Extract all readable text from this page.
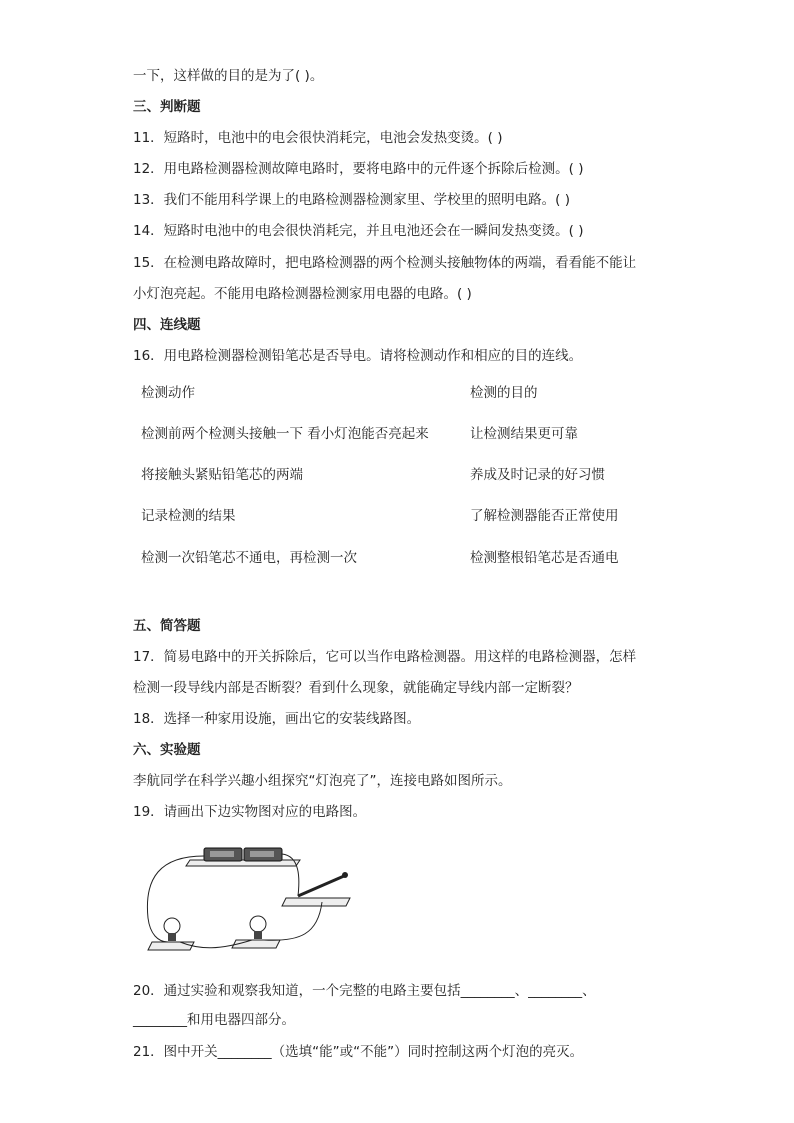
一下，这样做的目的是为了( )。
三、判断题
11．短路时，电池中的电会很快消耗完，电池会发热变烫。( )
12．用电路检测器检测故障电路时，要将电路中的元件逐个拆除后检测。( )
13．我们不能用科学课上的电路检测器检测家里、学校里的照明电路。( )
14．短路时电池中的电会很快消耗完，并且电池还会在一瞬间发热变烫。( )
15．在检测电路故障时，把电路检测器的两个检测头接触物体的两端，看看能不能让
小灯泡亮起。不能用电路检测器检测家用电器的电路。( )
四、连线题
16．用电路检测器检测铅笔芯是否导电。请将检测动作和相应的目的连线。
检测动作	检测的目的
检测前两个检测头接触一下 看小灯泡能否亮起来	让检测结果更可靠
将接触头紧贴铅笔芯的两端	养成及时记录的好习惯
记录检测的结果	了解检测器能否正常使用
检测一次铅笔芯不通电，再检测一次	检测整根铅笔芯是否通电
五、简答题
17．简易电路中的开关拆除后，它可以当作电路检测器。用这样的电路检测器，怎样
检测一段导线内部是否断裂？看到什么现象，就能确定导线内部一定断裂？
18．选择一种家用设施，画出它的安装线路图。
六、实验题
李航同学在科学兴趣小组探究“灯泡亮了”，连接电路如图所示。
19．请画出下边实物图对应的电路图。
20．通过实验和观察我知道，一个完整的电路主要包括________、________、
________和用电器四部分。
21．图中开关________（选填“能”或“不能”）同时控制这两个灯泡的亮灭。
